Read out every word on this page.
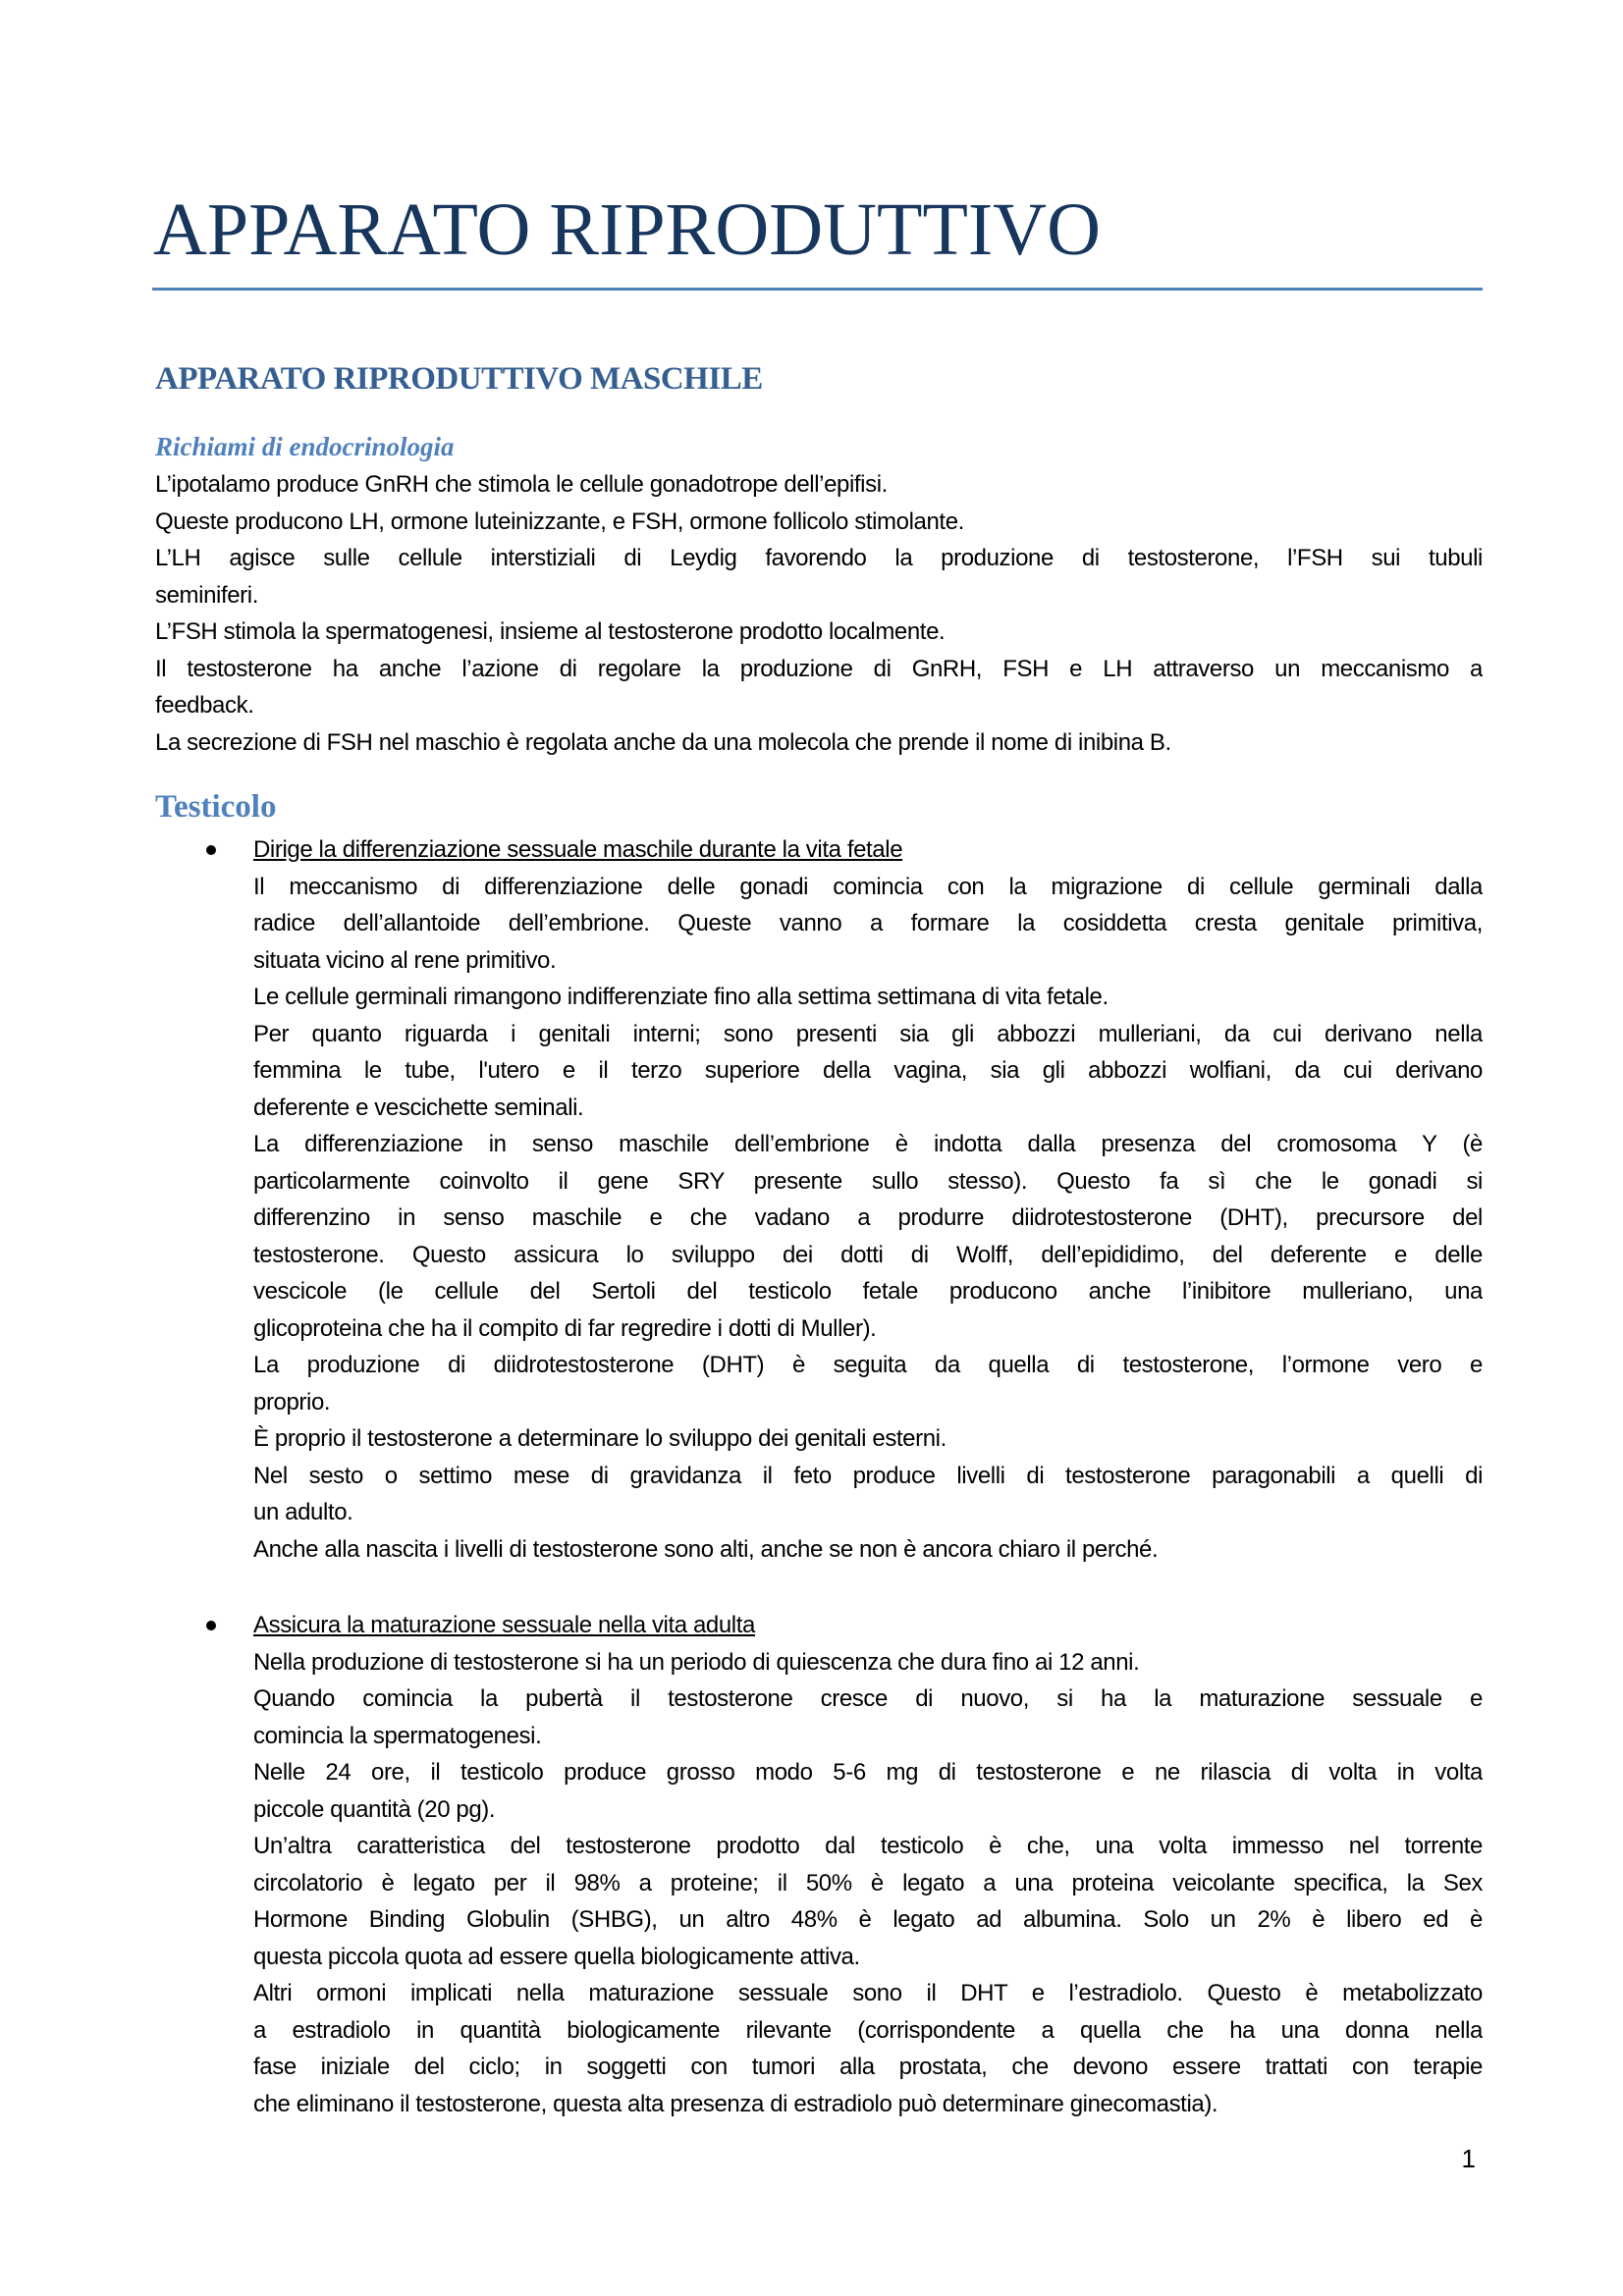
APPARATO RIPRODUTTIVO
APPARATO RIPRODUTTIVO MASCHILE
Richiami di endocrinologia
L’ipotalamo produce GnRH che stimola le cellule gonadotrope dell’epifisi.
Queste producono LH, ormone luteinizzante, e FSH, ormone follicolo stimolante.
L’LH agisce sulle cellule interstiziali di Leydig favorendo la produzione di testosterone, l’FSH sui tubuli
seminiferi.
L’FSH stimola la spermatogenesi, insieme al testosterone prodotto localmente.
Il testosterone ha anche l’azione di regolare la produzione di GnRH, FSH e LH attraverso un meccanismo a
feedback.
La secrezione di FSH nel maschio è regolata anche da una molecola che prende il nome di inibina B.
Testicolo
Dirige la differenziazione sessuale maschile durante la vita fetale
Il meccanismo di differenziazione delle gonadi comincia con la migrazione di cellule germinali dalla
radice dell’allantoide dell’embrione. Queste vanno a formare la cosiddetta cresta genitale primitiva,
situata vicino al rene primitivo.
Le cellule germinali rimangono indifferenziate fino alla settima settimana di vita fetale.
Per quanto riguarda i genitali interni; sono presenti sia gli abbozzi mulleriani, da cui derivano nella
femmina le tube, l'utero e il terzo superiore della vagina, sia gli abbozzi wolfiani, da cui derivano
deferente e vescichette seminali.
La differenziazione in senso maschile dell’embrione è indotta dalla presenza del cromosoma Y (è
particolarmente coinvolto il gene SRY presente sullo stesso). Questo fa sì che le gonadi si
differenzino in senso maschile e che vadano a produrre diidrotestosterone (DHT), precursore del
testosterone. Questo assicura lo sviluppo dei dotti di Wolff, dell’epididimo, del deferente e delle
vescicole (le cellule del Sertoli del testicolo fetale producono anche l’inibitore mulleriano, una
glicoproteina che ha il compito di far regredire i dotti di Muller).
La produzione di diidrotestosterone (DHT) è seguita da quella di testosterone, l’ormone vero e
proprio.
È proprio il testosterone a determinare lo sviluppo dei genitali esterni.
Nel sesto o settimo mese di gravidanza il feto produce livelli di testosterone paragonabili a quelli di
un adulto.
Anche alla nascita i livelli di testosterone sono alti, anche se non è ancora chiaro il perché.
Assicura la maturazione sessuale nella vita adulta
Nella produzione di testosterone si ha un periodo di quiescenza che dura fino ai 12 anni.
Quando comincia la pubertà il testosterone cresce di nuovo, si ha la maturazione sessuale e
comincia la spermatogenesi.
Nelle 24 ore, il testicolo produce grosso modo 5-6 mg di testosterone e ne rilascia di volta in volta
piccole quantità (20 pg).
Un’altra caratteristica del testosterone prodotto dal testicolo è che, una volta immesso nel torrente
circolatorio è legato per il 98% a proteine; il 50% è legato a una proteina veicolante specifica, la Sex
Hormone Binding Globulin (SHBG), un altro 48% è legato ad albumina. Solo un 2% è libero ed è
questa piccola quota ad essere quella biologicamente attiva.
Altri ormoni implicati nella maturazione sessuale sono il DHT e l’estradiolo. Questo è metabolizzato
a estradiolo in quantità biologicamente rilevante (corrispondente a quella che ha una donna nella
fase iniziale del ciclo; in soggetti con tumori alla prostata, che devono essere trattati con terapie
che eliminano il testosterone, questa alta presenza di estradiolo può determinare ginecomastia).
1
